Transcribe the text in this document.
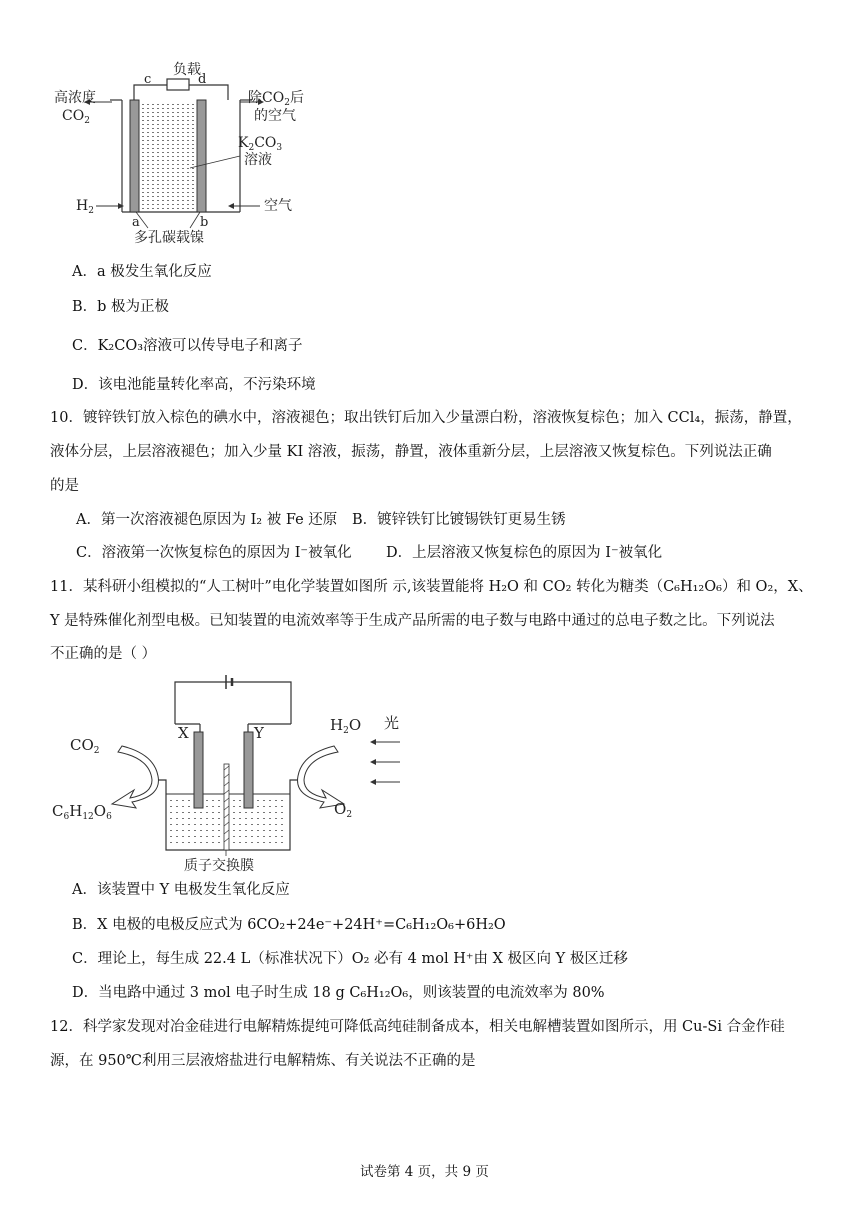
负载
c	d
高浓度
$CO_2$
除$CO_2$后
的空气
$K_2CO_3$
溶液
$H_2$	空气
a	b
多孔碳载镍
A．a 极发生氧化反应
B．b 极为正极
C．K₂CO₃溶液可以传导电子和离子
D．该电池能量转化率高，不污染环境
10．镀锌铁钉放入棕色的碘水中，溶液褪色；取出铁钉后加入少量漂白粉，溶液恢复棕色；加入 CCl₄，振荡，静置，
液体分层，上层溶液褪色；加入少量 KI 溶液，振荡，静置，液体重新分层，上层溶液又恢复棕色。下列说法正确
的是
A．第一次溶液褪色原因为 I₂ 被 Fe 还原 B．镀锌铁钉比镀锡铁钉更易生锈
C．溶液第一次恢复棕色的原因为 I⁻被氧化 D．上层溶液又恢复棕色的原因为 I⁻被氧化
11．某科研小组模拟的“人工树叶”电化学装置如图所 示,该装置能将 H₂O 和 CO₂ 转化为糖类（C₆H₁₂O₆）和 O₂，X、
Y 是特殊催化剂型电极。已知装置的电流效率等于生成产品所需的电子数与电路中通过的总电子数之比。下列说法
不正确的是（ ）
X	Y
$CO_2$
$C_6H_{12}O_6$
$H_2O$ 光
$O_2$
质子交换膜
A．该装置中 Y 电极发生氧化反应
B．X 电极的电极反应式为 6CO₂+24e⁻+24H⁺=C₆H₁₂O₆+6H₂O
C．理论上，每生成 22.4 L（标准状况下）O₂ 必有 4 mol H⁺由 X 极区向 Y 极区迁移
D．当电路中通过 3 mol 电子时生成 18 g C₆H₁₂O₆，则该装置的电流效率为 80%
12．科学家发现对冶金硅进行电解精炼提纯可降低高纯硅制备成本，相关电解槽装置如图所示，用 Cu-Si 合金作硅
源，在 950℃利用三层液熔盐进行电解精炼、有关说法不正确的是
试卷第 4 页，共 9 页
